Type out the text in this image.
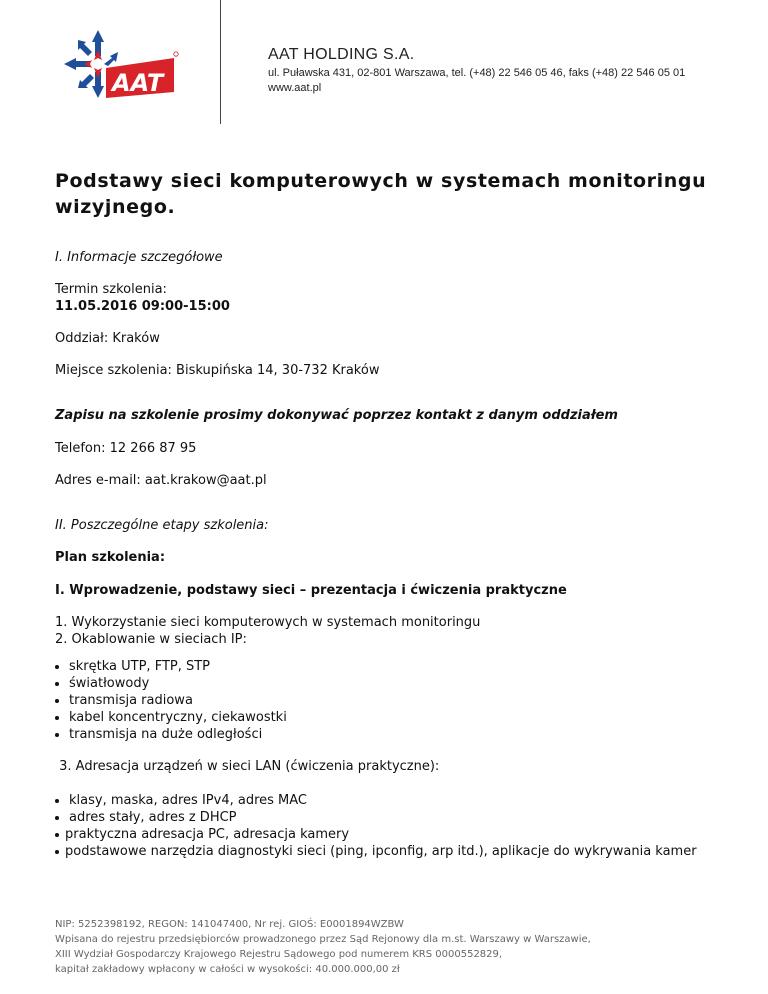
AAT
AAT HOLDING S.A.
ul. Puławska 431, 02-801 Warszawa, tel. (+48) 22 546 05 46, faks (+48) 22 546 05 01
www.aat.pl
Podstawy sieci komputerowych w systemach monitoringu wizyjnego.
I. Informacje szczegółowe
Termin szkolenia:
11.05.2016 09:00-15:00
Oddział: Kraków
Miejsce szkolenia: Biskupińska 14, 30-732 Kraków
Zapisu na szkolenie prosimy dokonywać poprzez kontakt z danym oddziałem
Telefon: 12 266 87 95
Adres e-mail: aat.krakow@aat.pl
II. Poszczególne etapy szkolenia:
Plan szkolenia:
I. Wprowadzenie, podstawy sieci – prezentacja i ćwiczenia praktyczne
1. Wykorzystanie sieci komputerowych w systemach monitoringu
2. Okablowanie w sieciach IP:
skrętka UTP, FTP, STP
światłowody
transmisja radiowa
kabel koncentryczny, ciekawostki
transmisja na duże odległości
3. Adresacja urządzeń w sieci LAN (ćwiczenia praktyczne):
klasy, maska, adres IPv4, adres MAC
adres stały, adres z DHCP
praktyczna adresacja PC, adresacja kamery
podstawowe narzędzia diagnostyki sieci (ping, ipconfig, arp itd.), aplikacje do wykrywania kamer
NIP: 5252398192, REGON: 141047400, Nr rej. GIOŚ: E0001894WZBW
Wpisana do rejestru przedsiębiorców prowadzonego przez Sąd Rejonowy dla m.st. Warszawy w Warszawie,
XIII Wydział Gospodarczy Krajowego Rejestru Sądowego pod numerem KRS 0000552829,
kapitał zakładowy wpłacony w całości w wysokości: 40.000.000,00 zł
